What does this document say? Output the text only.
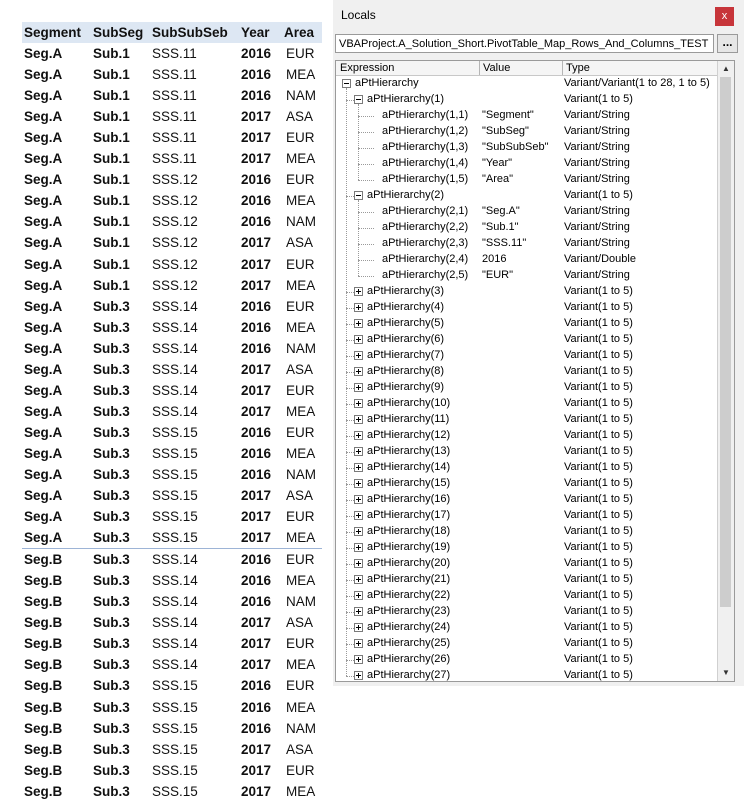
Segment SubSeg SubSubSeb Year Area
Seg.A Sub.1 SSS.11	2016 EUR
Seg.A Sub.1 SSS.11	2016 MEA
Seg.A Sub.1 SSS.11	2016 NAM
Seg.A Sub.1 SSS.11	2017 ASA
Seg.A Sub.1 SSS.11	2017 EUR
Seg.A Sub.1 SSS.11	2017 MEA
Seg.A Sub.1 SSS.12	2016 EUR
Seg.A Sub.1 SSS.12	2016 MEA
Seg.A Sub.1 SSS.12	2016 NAM
Seg.A Sub.1 SSS.12	2017 ASA
Seg.A Sub.1 SSS.12	2017 EUR
Seg.A Sub.1 SSS.12	2017 MEA
Seg.A Sub.3 SSS.14	2016 EUR
Seg.A Sub.3 SSS.14	2016 MEA
Seg.A Sub.3 SSS.14	2016 NAM
Seg.A Sub.3 SSS.14	2017 ASA
Seg.A Sub.3 SSS.14	2017 EUR
Seg.A Sub.3 SSS.14	2017 MEA
Seg.A Sub.3 SSS.15	2016 EUR
Seg.A Sub.3 SSS.15	2016 MEA
Seg.A Sub.3 SSS.15	2016 NAM
Seg.A Sub.3 SSS.15	2017 ASA
Seg.A Sub.3 SSS.15	2017 EUR
Seg.A Sub.3 SSS.15	2017 MEA
Seg.B Sub.3 SSS.14	2016 EUR
Seg.B Sub.3 SSS.14	2016 MEA
Seg.B Sub.3 SSS.14	2016 NAM
Seg.B Sub.3 SSS.14	2017 ASA
Seg.B Sub.3 SSS.14	2017 EUR
Seg.B Sub.3 SSS.14	2017 MEA
Seg.B Sub.3 SSS.15	2016 EUR
Seg.B Sub.3 SSS.15	2016 MEA
Seg.B Sub.3 SSS.15	2016 NAM
Seg.B Sub.3 SSS.15	2017 ASA
Seg.B Sub.3 SSS.15	2017 EUR
Seg.B Sub.3 SSS.15	2017 MEA
Locals	x
VBAProject.A_Solution_Short.PivotTable_Map_Rows_And_Columns_TEST	...
Expression	Value	Type
aPtHierarchy	Variant/Variant(1 to 28, 1 to 5)
aPtHierarchy(1)	Variant(1 to 5)
aPtHierarchy(1,1) "Segment"	Variant/String
aPtHierarchy(1,2) "SubSeg"	Variant/String
aPtHierarchy(1,3) "SubSubSeb" Variant/String
aPtHierarchy(1,4) "Year"	Variant/String
aPtHierarchy(1,5) "Area"	Variant/String
aPtHierarchy(2)	Variant(1 to 5)
aPtHierarchy(2,1) "Seg.A"	Variant/String
aPtHierarchy(2,2) "Sub.1"	Variant/String
aPtHierarchy(2,3) "SSS.11"	Variant/String
aPtHierarchy(2,4) 2016	Variant/Double
aPtHierarchy(2,5) "EUR"	Variant/String
aPtHierarchy(3)	Variant(1 to 5)
aPtHierarchy(4)	Variant(1 to 5)
aPtHierarchy(5)	Variant(1 to 5)
aPtHierarchy(6)	Variant(1 to 5)
aPtHierarchy(7)	Variant(1 to 5)
aPtHierarchy(8)	Variant(1 to 5)
aPtHierarchy(9)	Variant(1 to 5)
aPtHierarchy(10)	Variant(1 to 5)
aPtHierarchy(11)	Variant(1 to 5)
aPtHierarchy(12)	Variant(1 to 5)
aPtHierarchy(13)	Variant(1 to 5)
aPtHierarchy(14)	Variant(1 to 5)
aPtHierarchy(15)	Variant(1 to 5)
aPtHierarchy(16)	Variant(1 to 5)
aPtHierarchy(17)	Variant(1 to 5)
aPtHierarchy(18)	Variant(1 to 5)
aPtHierarchy(19)	Variant(1 to 5)
aPtHierarchy(20)	Variant(1 to 5)
aPtHierarchy(21)	Variant(1 to 5)
aPtHierarchy(22)	Variant(1 to 5)
aPtHierarchy(23)	Variant(1 to 5)
aPtHierarchy(24)	Variant(1 to 5)
aPtHierarchy(25)	Variant(1 to 5)
aPtHierarchy(26)	Variant(1 to 5)
aPtHierarchy(27)	Variant(1 to 5)
▲
▼
